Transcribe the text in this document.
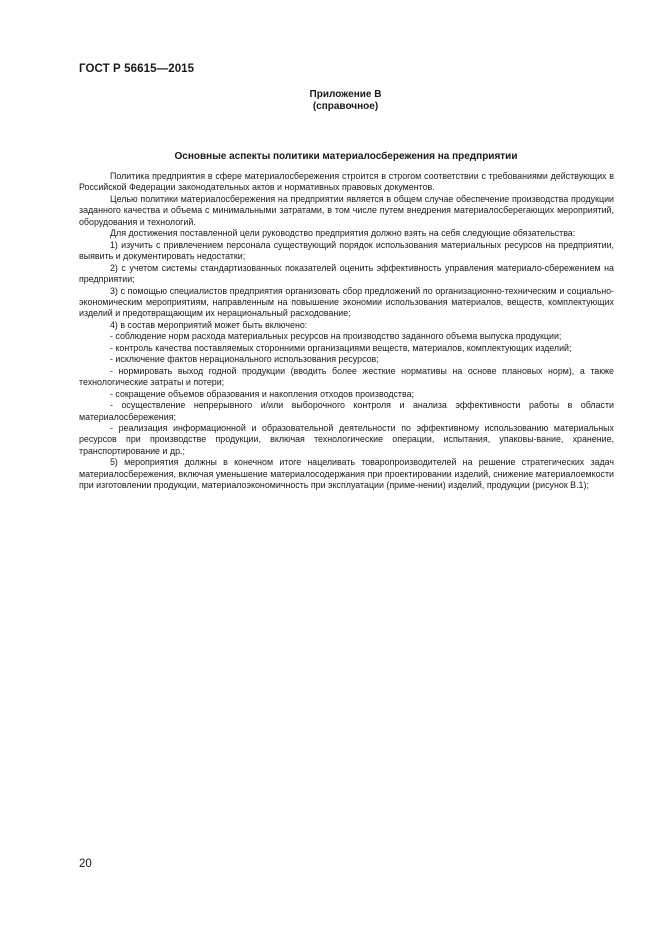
ГОСТ Р 56615—2015
Приложение В
(справочное)
Основные аспекты политики материалосбережения на предприятии

Политика предприятия в сфере материалосбережения строится в строгом соответствии с требованиями действующих в Российской Федерации законодательных актов и нормативных правовых документов.

Целью политики материалосбережения на предприятии является в общем случае обеспечение производства продукции заданного качества и объема с минимальными затратами, в том числе путем внедрения материалосберегающих мероприятий, оборудования и технологий.

Для достижения поставленной цели руководство предприятия должно взять на себя следующие обязательства:

1) изучить с привлечением персонала существующий порядок использования материальных ресурсов на предприятии, выявить и документировать недостатки;

2) с учетом системы стандартизованных показателей оценить эффективность управления материало-сбережением на предприятии;

3) с помощью специалистов предприятия организовать сбор предложений по организационно-техническим и социально-экономическим мероприятиям, направленным на повышение экономии использования материалов, веществ, комплектующих изделий и предотвращающим их нерациональный расходование;

4) в состав мероприятий может быть включено:

- соблюдение норм расхода материальных ресурсов на производство заданного объема выпуска продукции;

- контроль качества поставляемых сторонними организациями веществ, материалов, комплектующих изделий;

- исключение фактов нерационального использования ресурсов;

- нормировать выход годной продукции (вводить более жесткие нормативы на основе плановых норм), а также технологические затраты и потери;

- сокращение объемов образования и накопления отходов производства;

- осуществление непрерывного и/или выборочного контроля и анализа эффективности работы в области материалосбережения;

- реализация информационной и образовательной деятельности по эффективному использованию материальных ресурсов при производстве продукции, включая технологические операции, испытания, упаковы-вание, хранение, транспортирование и др.;

5) мероприятия должны в конечном итоге нацеливать товаропроизводителей на решение стратегических задач материалосбережения, включая уменьшение материалосодержания при проектировании изделий, снижение материалоемкости при изготовлении продукции, материалоэкономичность при эксплуатации (приме-нении) изделий, продукции (рисунок В.1);

20
